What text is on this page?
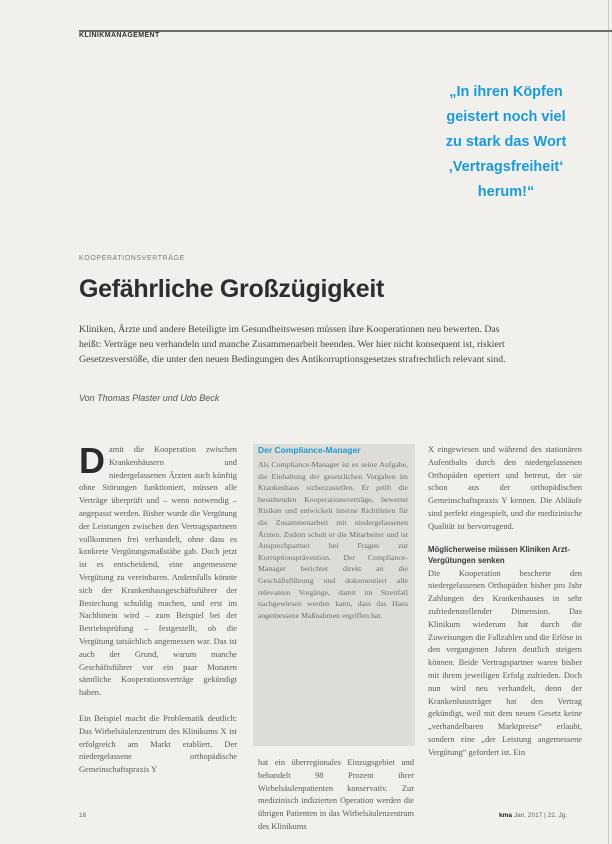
KLINIKMANAGEMENT
„In ihren Köpfen
geistert noch viel
zu stark das Wort
‚Vertragsfreiheit‘
herum!“
KOOPERATIONSVERTRÄGE
Gefährliche Großzügigkeit
Kliniken, Ärzte und andere Beteiligte im Gesundheitswesen müssen ihre Kooperationen neu bewerten. Das heißt: Verträge neu verhandeln und manche Zusammenarbeit beenden. Wer hier nicht konsequent ist, riskiert Gesetzesverstöße, die unter den neuen Bedingungen des Antikorruptionsgesetzes strafrechtlich relevant sind.
Von Thomas Plaster und Udo Beck

D amit die Kooperation zwischen Krankenhäusern und niedergelassenen Ärzten auch künftig ohne Störungen funktioniert, müssen alle Verträge überprüft und – wenn notwendig – angepasst werden. Bisher wurde die Vergütung der Leistungen zwischen den Vertragspartnern vollkommen frei verhandelt, ohne dass es konkrete Vergütungsmaßstäbe gab. Doch jetzt ist es entscheidend, eine angemessene Vergütung zu vereinbaren. Andernfalls könnte sich der Krankenhausgeschäftsführer der Bestechung schuldig machen, und erst im Nachhinein wird – zum Beispiel bei der Betriebsprüfung – festgestellt, ob die Vergütung tatsächlich angemessen war. Das ist auch der Grund, warum manche Geschäftsführer vor ein paar Monaten sämtliche Kooperationsverträge gekündigt haben.

Ein Beispiel macht die Problematik deutlich: Das Wirbelsäulenzentrum des Klinikums X ist erfolgreich am Markt etabliert. Der niedergelassene orthopädische Gemeinschaftspraxis Y

Der Compliance-Manager
Als Compliance-Manager ist es seine Aufgabe, die Einhaltung der gesetzlichen Vorgaben im Krankenhaus sicherzustellen. Er prüft die bestehenden Kooperationsverträge, bewertet Risiken und entwickelt interne Richtlinien für die Zusammenarbeit mit niedergelassenen Ärzten. Zudem schult er die Mitarbeiter und ist Ansprechpartner bei Fragen zur Korruptionsprävention. Der Compliance-Manager berichtet direkt an die Geschäftsführung und dokumentiert alle relevanten Vorgänge, damit im Streitfall nachgewiesen werden kann, dass das Haus angemessene Maßnahmen ergriffen hat.
hat ein überregionales Einzugsgebiet und behandelt 98 Prozent ihrer Wirbelsäulenpatienten konservativ. Zur medizinisch indizierten Operation werden die übrigen Patienten in das Wirbelsäulenzentrum des Klinikums

X eingewiesen und während des stationären Aufenthalts durch den niedergelassenen Orthopäden operiert und betreut, der sie schon aus der orthopädischen Gemeinschaftspraxis Y kennen. Die Abläufe sind perfekt eingespielt, und die medizinische Qualität ist hervorragend.

Möglicherweise müssen Kliniken Arzt-Vergütungen senken

Die Kooperation bescherte den niedergelassenen Orthopäden bisher pro Jahr Zahlungen des Krankenhauses in sehr zufriedenstellender Dimension. Das Klinikum wiederum hat durch die Zuweisungen die Fallzahlen und die Erlöse in den vergangenen Jahren deutlich steigern können. Beide Vertragspartner waren bisher mit ihrem jeweiligen Erfolg zufrieden. Doch nun wird neu verhandelt, denn der Krankenhausträger hat den Vertrag gekündigt, weil mit dem neuen Gesetz keine „verhandelbaren Marktpreise“ erlaubt, sondern eine „der Leistung angemessene Vergütung“ gefordert ist. Ein

16	kma Jan. 2017 | 22. Jg.
